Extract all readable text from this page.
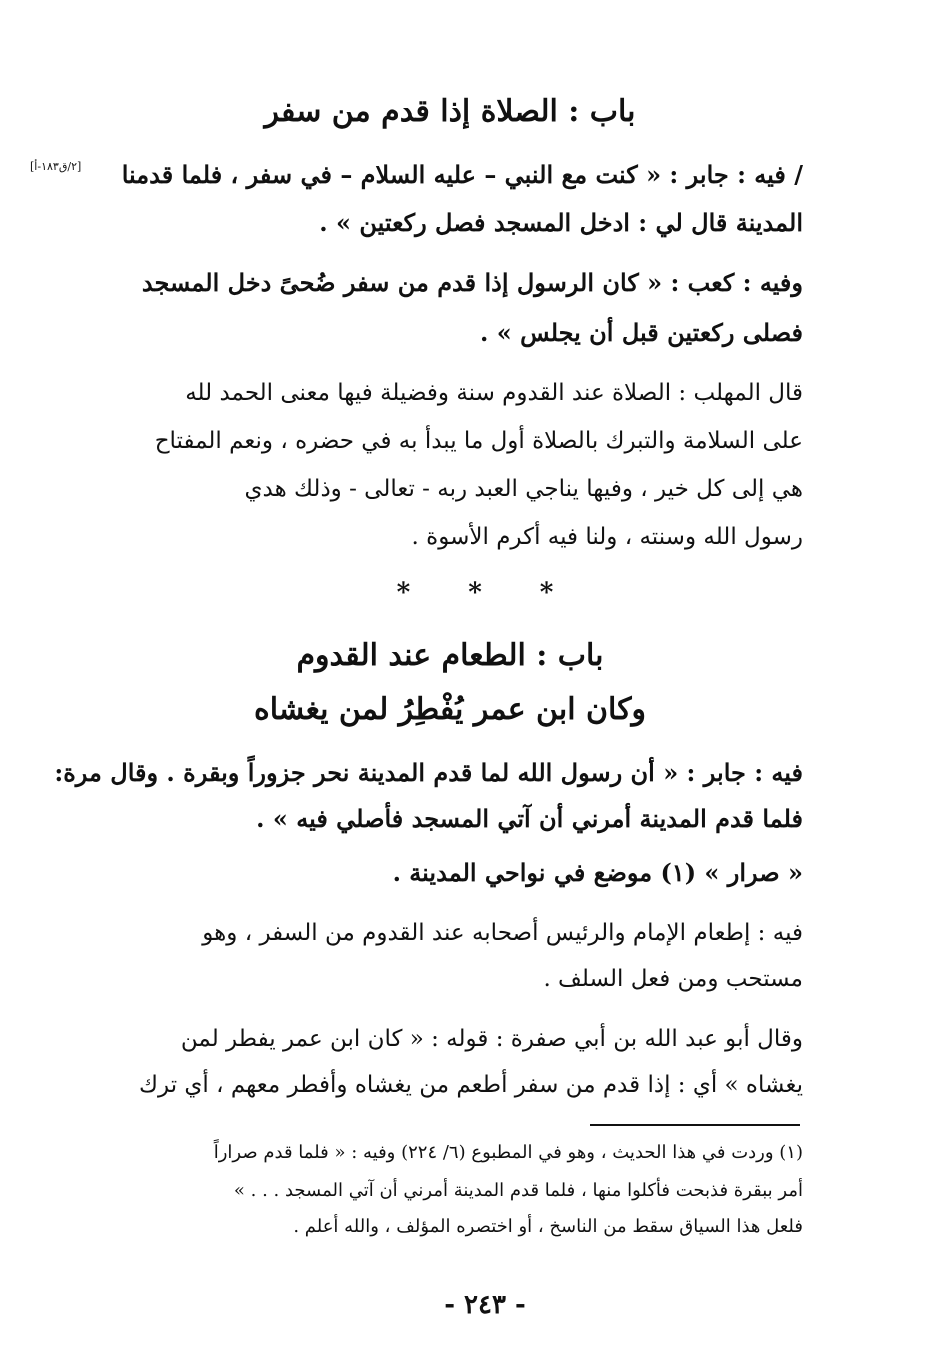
باب : الصلاة إذا قدم من سفر
[٢/ق١٨٣-أ] / فيه : جابر : « كنت مع النبي – عليه السلام – في سفر ، فلما قدمنا
المدينة قال لي : ادخل المسجد فصل ركعتين » .
وفيه : كعب : « كان الرسول إذا قدم من سفر ضُحىً دخل المسجد
فصلى ركعتين قبل أن يجلس » .
قال المهلب : الصلاة عند القدوم سنة وفضيلة فيها معنى الحمد لله
على السلامة والتبرك بالصلاة أول ما يبدأ به في حضره ، ونعم المفتاح
هي إلى كل خير ، وفيها يناجي العبد ربه - تعالى - وذلك هدي
رسول الله وسنته ، ولنا فيه أكرم الأسوة .
* * *
باب : الطعام عند القدوم
وكان ابن عمر يُفْطِرُ لمن يغشاه
فيه : جابر : « أن رسول الله لما قدم المدينة نحر جزوراً وبقرة . وقال مرة:
فلما قدم المدينة أمرني أن آتي المسجد فأصلي فيه » .
« صرار » (١) موضع في نواحي المدينة .
فيه : إطعام الإمام والرئيس أصحابه عند القدوم من السفر ، وهو
مستحب ومن فعل السلف .
وقال أبو عبد الله بن أبي صفرة : قوله : « كان ابن عمر يفطر لمن
يغشاه » أي : إذا قدم من سفر أطعم من يغشاه وأفطر معهم ، أي ترك
(١) وردت في هذا الحديث ، وهو في المطبوع (٦/ ٢٢٤) وفيه : « فلما قدم صراراً
أمر ببقرة فذبحت فأكلوا منها ، فلما قدم المدينة أمرني أن آتي المسجد . . . »
فلعل هذا السياق سقط من الناسخ ، أو اختصره المؤلف ، والله أعلم .
- ٢٤٣ -
